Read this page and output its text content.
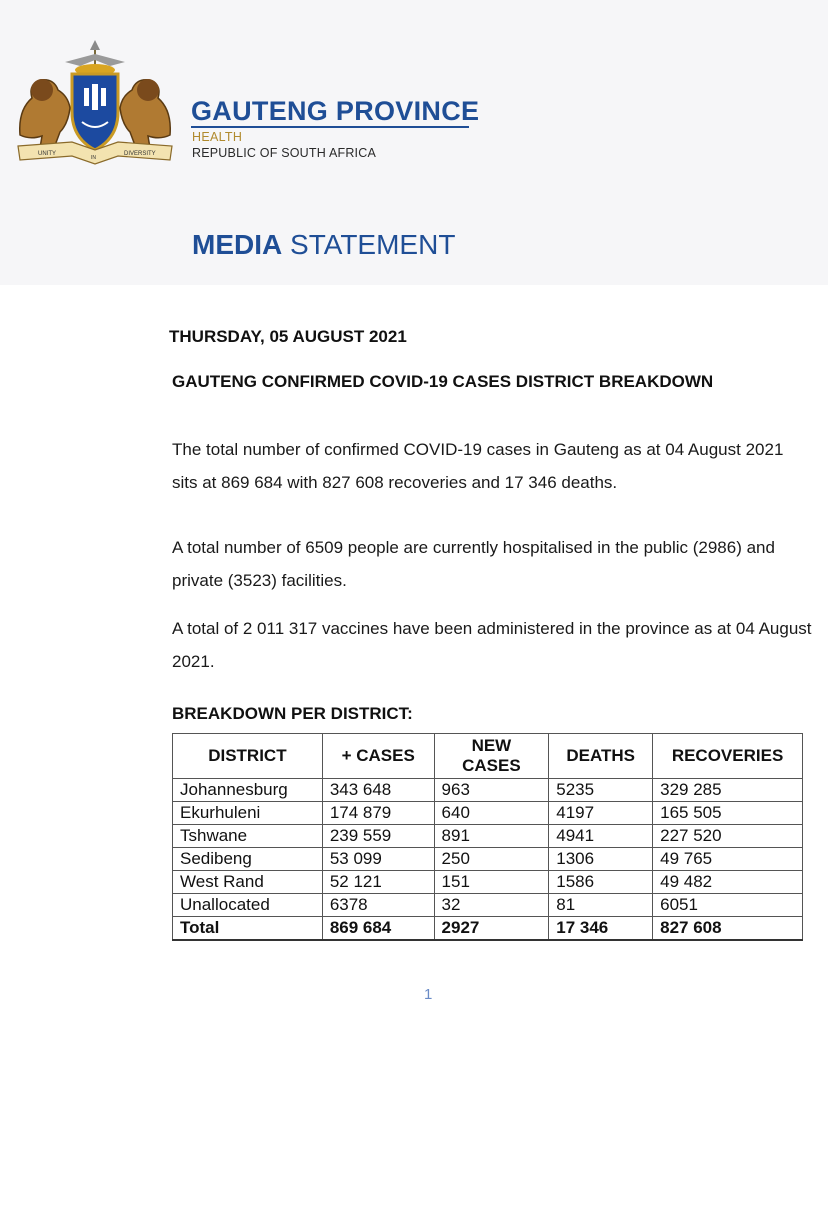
UNITY
IN
DIVERSITY
GAUTENG PROVINCE
HEALTH
REPUBLIC OF SOUTH AFRICA
MEDIA STATEMENT
THURSDAY, 05 AUGUST 2021
GAUTENG CONFIRMED COVID-19 CASES DISTRICT BREAKDOWN
The total number of confirmed COVID-19 cases in Gauteng as at 04 August 2021 sits at 869 684 with 827 608 recoveries and 17 346 deaths.
A total number of 6509 people are currently hospitalised in the public (2986) and private (3523) facilities.
A total of 2 011 317 vaccines have been administered in the province as at 04 August 2021.
BREAKDOWN PER DISTRICT:
DISTRICT	+ CASES	NEW CASES	DEATHS	RECOVERIES
Johannesburg	343 648	963	5235	329 285
Ekurhuleni	174 879	640	4197	165 505
Tshwane	239 559	891	4941	227 520
Sedibeng	53 099	250	1306	49 765
West Rand	52 121	151	1586	49 482
Unallocated	6378	32	81	6051
Total	869 684	2927	17 346	827 608
1
